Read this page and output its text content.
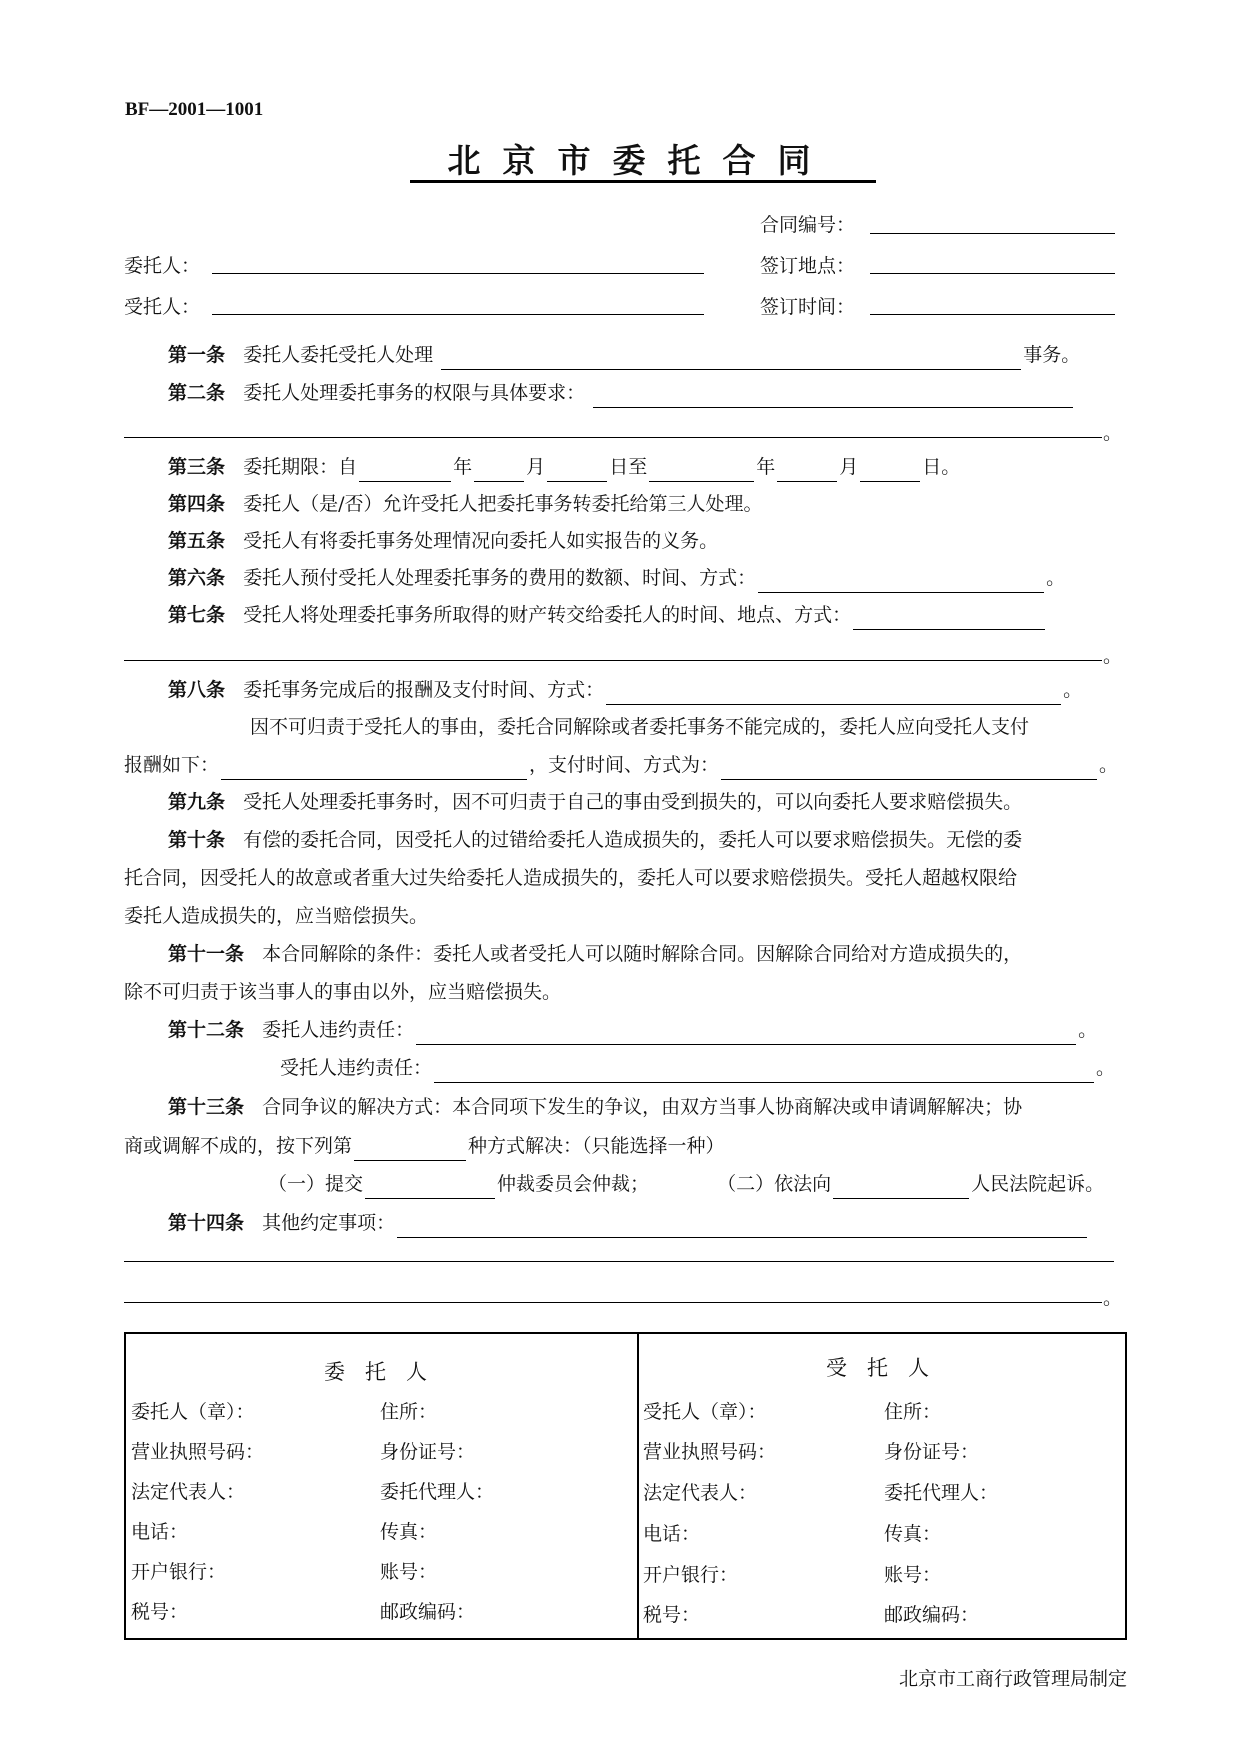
BF—2001—1001
北京市委托合同
合同编号：
委托人：	签订地点：
受托人：	签订时间：
第一条 委托人委托受托人处理	事务。
第二条 委托人处理委托事务的权限与具体要求：
。
第三条 委托期限：自	年	月	日至	年	月	日。
第四条 委托人（是/否）允许受托人把委托事务转委托给第三人处理。
第五条 受托人有将委托事务处理情况向委托人如实报告的义务。
第六条 委托人预付受托人处理委托事务的费用的数额、时间、方式：	。
第七条 受托人将处理委托事务所取得的财产转交给委托人的时间、地点、方式：
。
第八条 委托事务完成后的报酬及支付时间、方式：	。
因不可归责于受托人的事由，委托合同解除或者委托事务不能完成的，委托人应向受托人支付
报酬如下：	，支付时间、方式为：	。
第九条 受托人处理委托事务时，因不可归责于自己的事由受到损失的，可以向委托人要求赔偿损失。
第十条 有偿的委托合同，因受托人的过错给委托人造成损失的，委托人可以要求赔偿损失。无偿的委
托合同，因受托人的故意或者重大过失给委托人造成损失的，委托人可以要求赔偿损失。受托人超越权限给
委托人造成损失的，应当赔偿损失。
第十一条 本合同解除的条件：委托人或者受托人可以随时解除合同。因解除合同给对方造成损失的，
除不可归责于该当事人的事由以外，应当赔偿损失。
第十二条 委托人违约责任：	。
受托人违约责任：	。
第十三条 合同争议的解决方式：本合同项下发生的争议，由双方当事人协商解决或申请调解解决；协
商或调解不成的，按下列第	种方式解决：（只能选择一种）
（一）提交	仲裁委员会仲裁；	（二）依法向	人民法院起诉。
第十四条 其他约定事项：
。
委托人	受托人
委托人（章）：	住所：
营业执照号码：	身份证号：
法定代表人：	委托代理人：
电话：	传真：
开户银行：	账号：
税号：	邮政编码：
受托人（章）：	住所：
营业执照号码：	身份证号：
法定代表人：	委托代理人：
电话：	传真：
开户银行：	账号：
税号：	邮政编码：
北京市工商行政管理局制定
